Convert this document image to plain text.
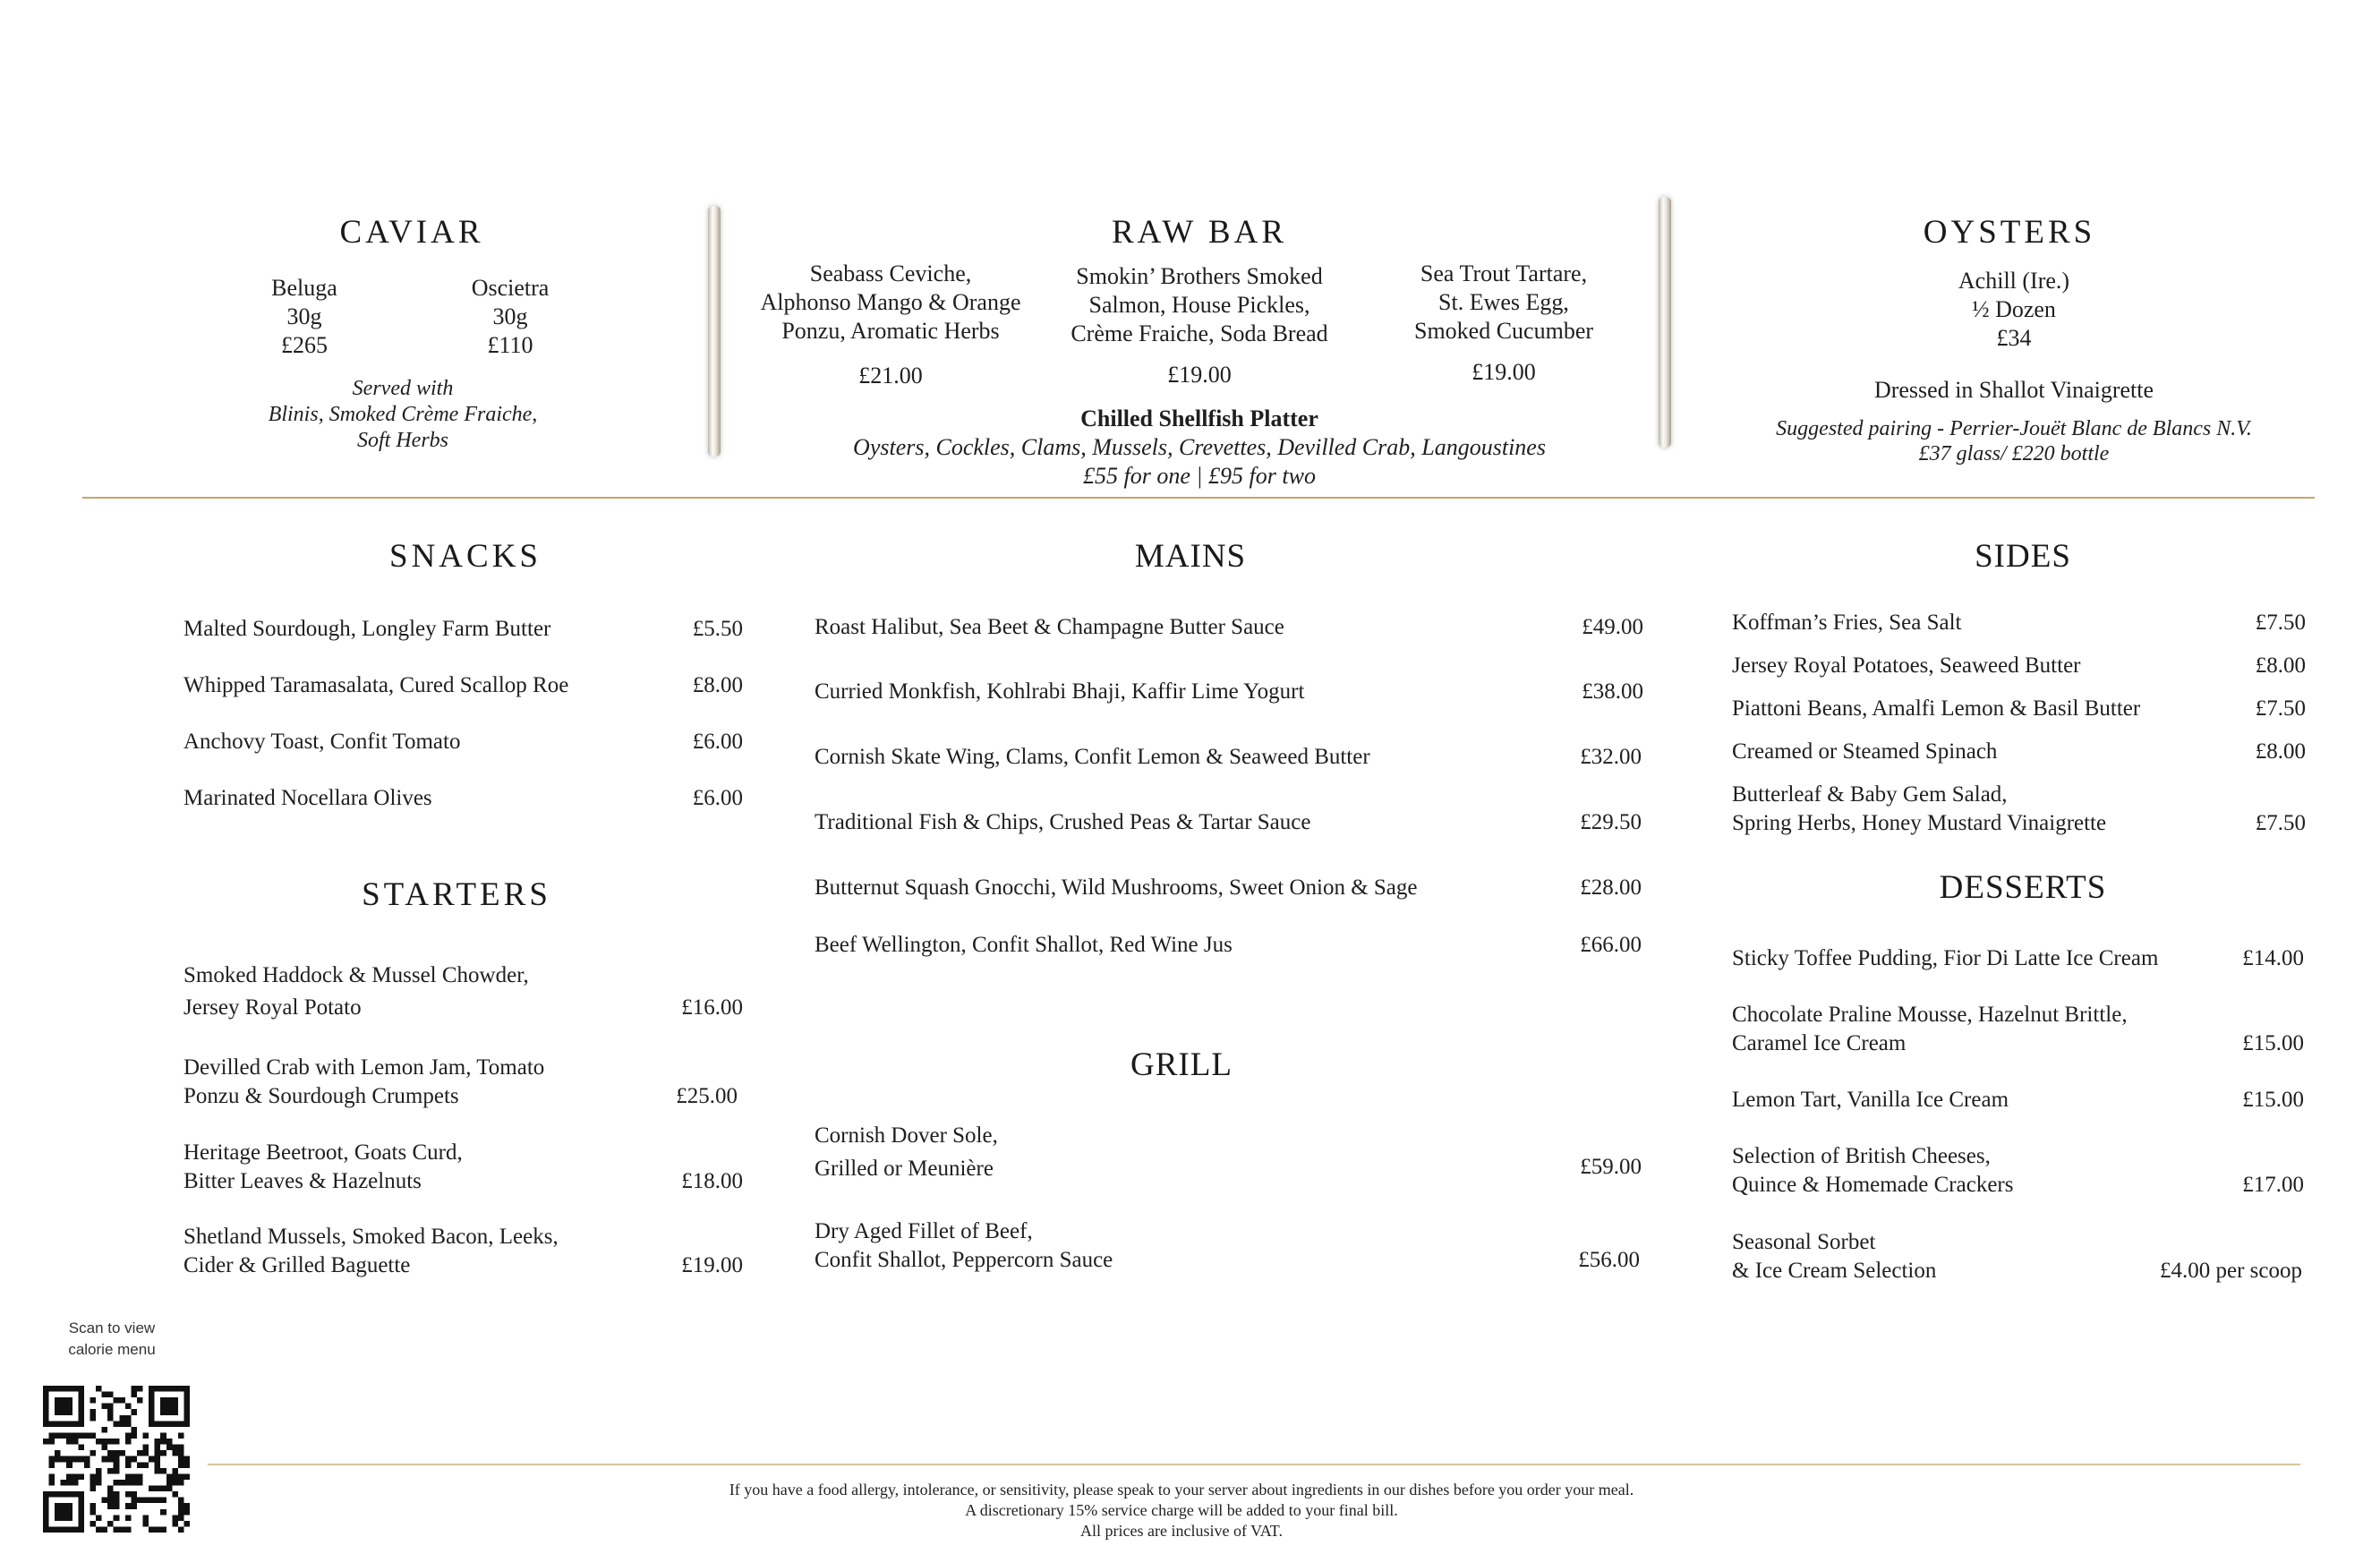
CAVIAR
Beluga
30g
£265
Oscietra
30g
£110
Served with
Blinis, Smoked Crème Fraiche,
Soft Herbs
RAW BAR
Seabass Ceviche,
Alphonso Mango & Orange
Ponzu, Aromatic Herbs
£21.00
Smokin’ Brothers Smoked
Salmon, House Pickles,
Crème Fraiche, Soda Bread
£19.00
Sea Trout Tartare,
St. Ewes Egg,
Smoked Cucumber
£19.00
Chilled Shellfish Platter
Oysters, Cockles, Clams, Mussels, Crevettes, Devilled Crab, Langoustines
£55 for one | £95 for two
OYSTERS
Achill (Ire.)
½ Dozen
£34
Dressed in Shallot Vinaigrette
Suggested pairing - Perrier-Jouët Blanc de Blancs N.V.
£37 glass/ £220 bottle
SNACKS
Malted Sourdough, Longley Farm Butter	£5.50
Whipped Taramasalata, Cured Scallop Roe	£8.00
Anchovy Toast, Confit Tomato	£6.00
Marinated Nocellara Olives	£6.00
STARTERS
Smoked Haddock & Mussel Chowder,
Jersey Royal Potato	£16.00
Devilled Crab with Lemon Jam, Tomato
Ponzu & Sourdough Crumpets	£25.00
Heritage Beetroot, Goats Curd,
Bitter Leaves & Hazelnuts	£18.00
Shetland Mussels, Smoked Bacon, Leeks,
Cider & Grilled Baguette	£19.00
MAINS
Roast Halibut, Sea Beet & Champagne Butter Sauce	£49.00
Curried Monkfish, Kohlrabi Bhaji, Kaffir Lime Yogurt	£38.00
Cornish Skate Wing, Clams, Confit Lemon & Seaweed Butter	£32.00
Traditional Fish & Chips, Crushed Peas & Tartar Sauce	£29.50
Butternut Squash Gnocchi, Wild Mushrooms, Sweet Onion & Sage	£28.00
Beef Wellington, Confit Shallot, Red Wine Jus	£66.00
GRILL
Cornish Dover Sole,
Grilled or Meunière	£59.00
Dry Aged Fillet of Beef,
Confit Shallot, Peppercorn Sauce	£56.00
SIDES
Koffman’s Fries, Sea Salt	£7.50
Jersey Royal Potatoes, Seaweed Butter	£8.00
Piattoni Beans, Amalfi Lemon & Basil Butter	£7.50
Creamed or Steamed Spinach	£8.00
Butterleaf & Baby Gem Salad,
Spring Herbs, Honey Mustard Vinaigrette	£7.50
DESSERTS
Sticky Toffee Pudding, Fior Di Latte Ice Cream	£14.00
Chocolate Praline Mousse, Hazelnut Brittle,
Caramel Ice Cream	£15.00
Lemon Tart, Vanilla Ice Cream	£15.00
Selection of British Cheeses,
Quince & Homemade Crackers	£17.00
Seasonal Sorbet
& Ice Cream Selection	£4.00 per scoop
Scan to view
calorie menu
If you have a food allergy, intolerance, or sensitivity, please speak to your server about ingredients in our dishes before you order your meal.
A discretionary 15% service charge will be added to your final bill.
All prices are inclusive of VAT.
